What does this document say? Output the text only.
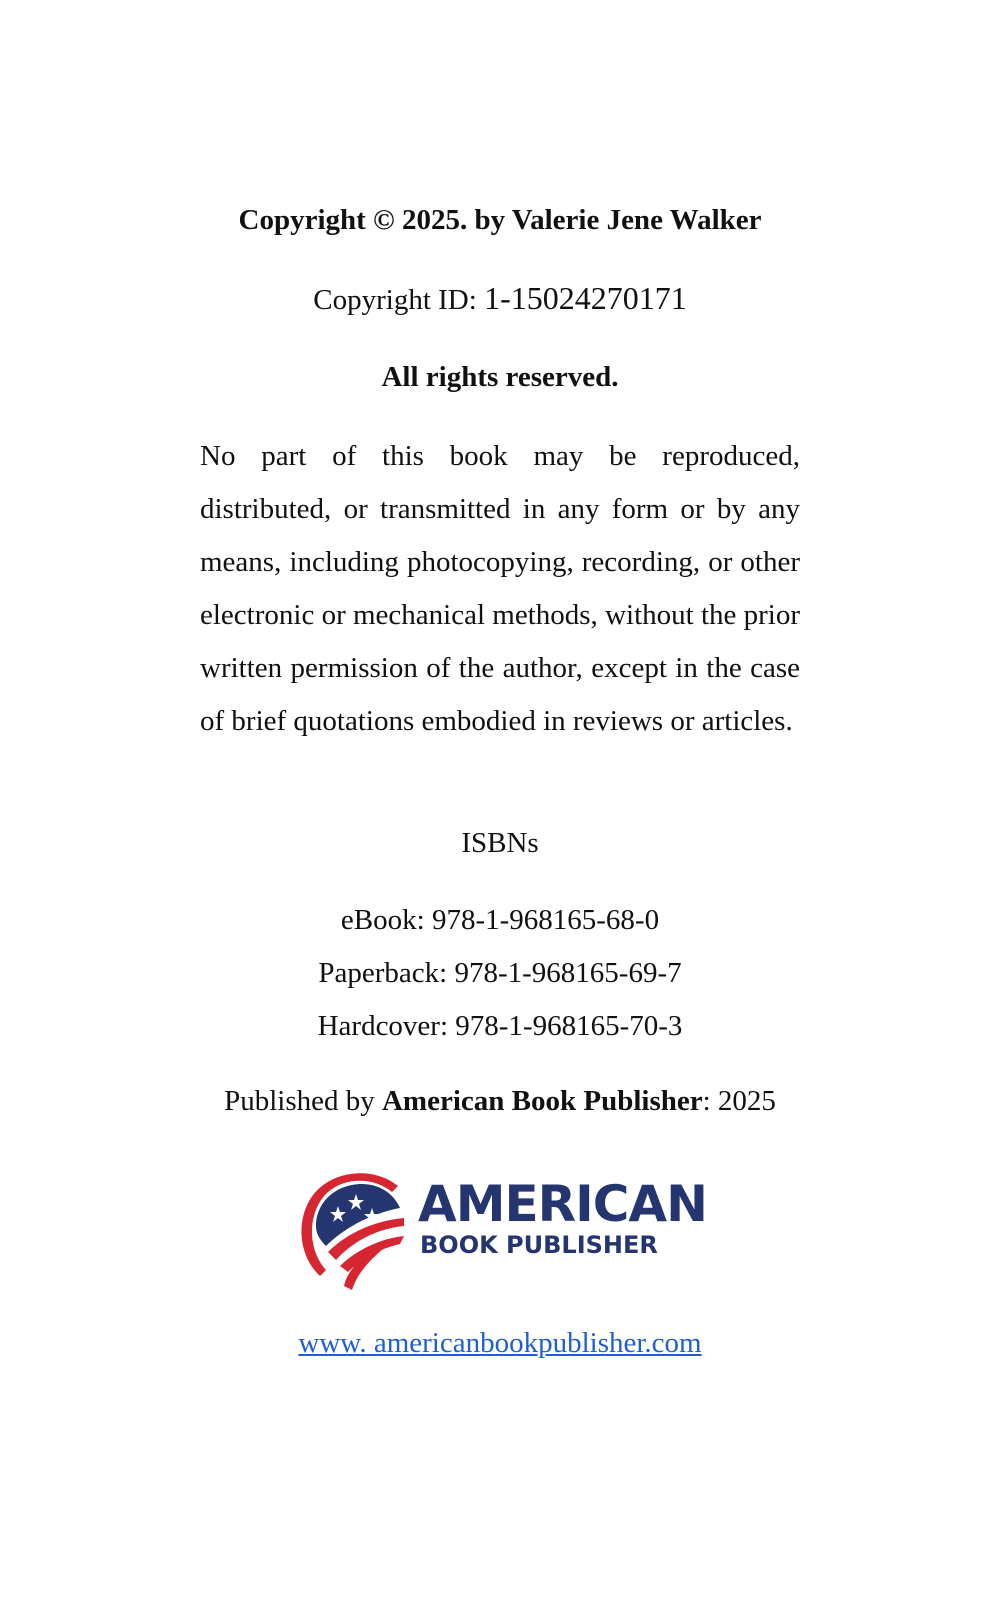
Copyright © 2025. by Valerie Jene Walker
Copyright ID: 1-15024270171
All rights reserved.
No part of this book may be reproduced, distributed, or transmitted in any form or by any means, including photocopying, recording, or other electronic or mechanical methods, without the prior written permission of the author, except in the case of brief quotations embodied in reviews or articles.
ISBNs
eBook: 978-1-968165-68-0
Paperback: 978-1-968165-69-7
Hardcover: 978-1-968165-70-3
Published by American Book Publisher: 2025
AMERICAN
BOOK PUBLISHER
www. americanbookpublisher.com
